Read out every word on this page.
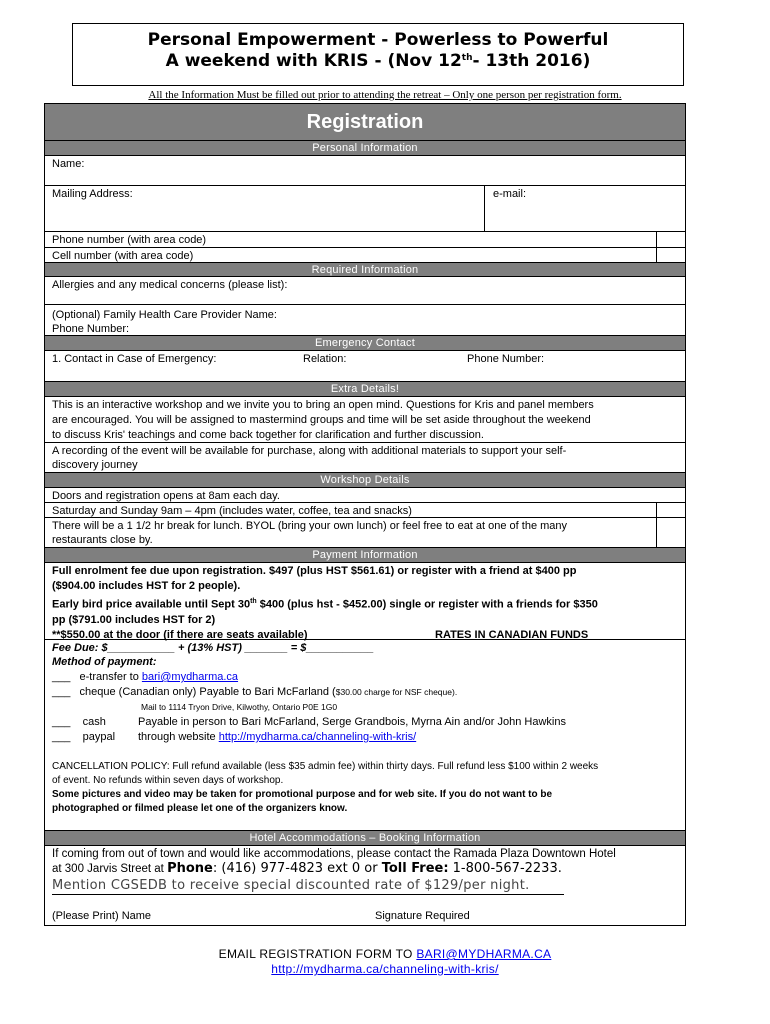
Personal Empowerment - Powerless to Powerful
A weekend with KRIS - (Nov 12th- 13th 2016)
All the Information Must be filled out prior to attending the retreat – Only one person per registration form.
Registration
Personal Information
Name:
Mailing Address:	e-mail:
Phone number (with area code)
Cell number (with area code)
Required Information
Allergies and any medical concerns (please list):
(Optional) Family Health Care Provider Name:
Phone Number:
Emergency Contact
1. Contact in Case of Emergency:	Relation:	Phone Number:
Extra Details!
This is an interactive workshop and we invite you to bring an open mind. Questions for Kris and panel members
are encouraged. You will be assigned to mastermind groups and time will be set aside throughout the weekend
to discuss Kris' teachings and come back together for clarification and further discussion.
A recording of the event will be available for purchase, along with additional materials to support your self-
discovery journey
Workshop Details
Doors and registration opens at 8am each day.
Saturday and Sunday 9am – 4pm (includes water, coffee, tea and snacks)
There will be a 1 1/2 hr break for lunch. BYOL (bring your own lunch) or feel free to eat at one of the many
restaurants close by.
Payment Information
Full enrolment fee due upon registration. $497 (plus HST $561.61) or register with a friend at $400 pp
($904.00 includes HST for 2 people).
Early bird price available until Sept 30th $400 (plus hst - $452.00) single or register with a friends for $350
pp ($791.00 includes HST for 2)
**$550.00 at the door (if there are seats available)	RATES IN CANADIAN FUNDS
Fee Due: $___________ + (13% HST) _______ = $___________
Method of payment:
___ e-transfer to bari@mydharma.ca
___ cheque (Canadian only) Payable to Bari McFarland ($30.00 charge for NSF cheque).
Mail to 1114 Tryon Drive, Kilwothy, Ontario P0E 1G0
___ cash	Payable in person to Bari McFarland, Serge Grandbois, Myrna Ain and/or John Hawkins
___ paypal through website http://mydharma.ca/channeling-with-kris/
CANCELLATION POLICY: Full refund available (less $35 admin fee) within thirty days. Full refund less $100 within 2 weeks
of event. No refunds within seven days of workshop.
Some pictures and video may be taken for promotional purpose and for web site. If you do not want to be
photographed or filmed please let one of the organizers know.
Hotel Accommodations – Booking Information
If coming from out of town and would like accommodations, please contact the Ramada Plaza Downtown Hotel
at 300 Jarvis Street at Phone: (416) 977-4823 ext 0 or Toll Free: 1-800-567-2233.
Mention CGSEDB to receive special discounted rate of $129/per night.
(Please Print) Name	Signature Required
EMAIL REGISTRATION FORM TO BARI@MYDHARMA.CA
http://mydharma.ca/channeling-with-kris/
